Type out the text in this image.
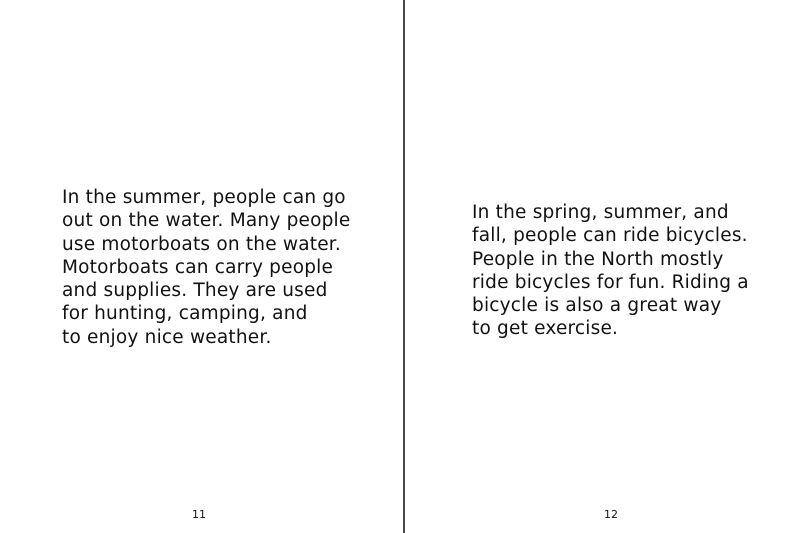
In the summer, people can go
out on the water. Many people
use motorboats on the water.
Motorboats can carry people
and supplies. They are used
for hunting, camping, and
to enjoy nice weather.

11

In the spring, summer, and
fall, people can ride bicycles.
People in the North mostly
ride bicycles for fun. Riding a
bicycle is also a great way
to get exercise.

12
